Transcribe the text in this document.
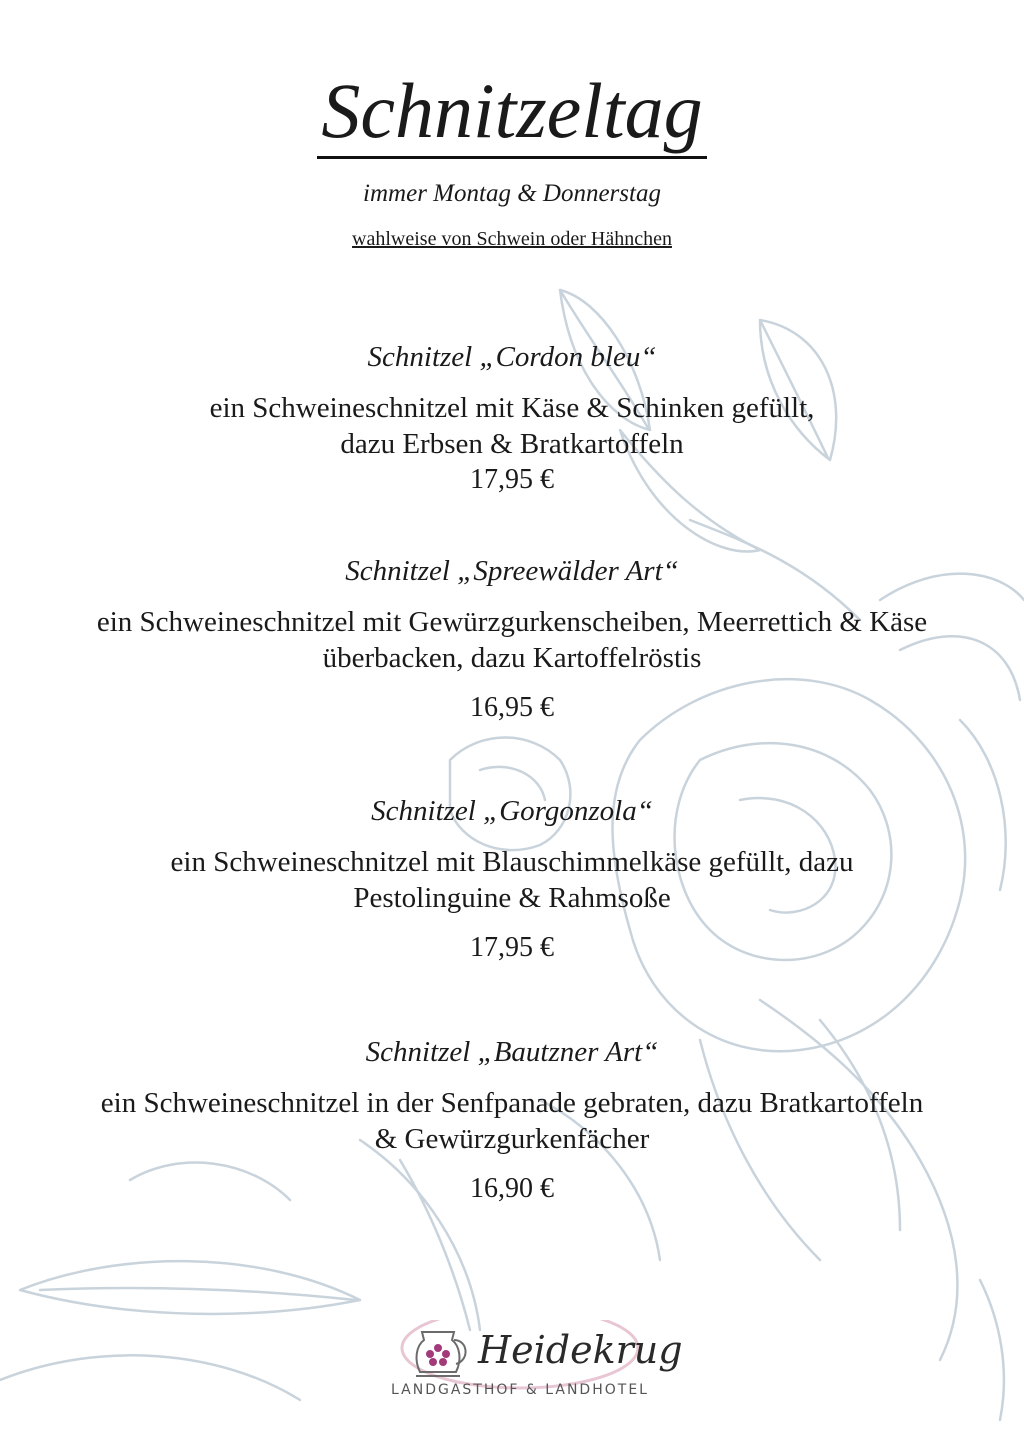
Schnitzeltag
immer Montag & Donnerstag
wahlweise von Schwein oder Hähnchen
Schnitzel „Cordon bleu“
ein Schweineschnitzel mit Käse & Schinken gefüllt,
dazu Erbsen & Bratkartoffeln
17,95 €
Schnitzel „Spreewälder Art“
ein Schweineschnitzel mit Gewürzgurkenscheiben, Meerrettich & Käse
überbacken, dazu Kartoffelröstis
16,95 €
Schnitzel „Gorgonzola“
ein Schweineschnitzel mit Blauschimmelkäse gefüllt, dazu
Pestolinguine & Rahmsoße
17,95 €
Schnitzel „Bautzner Art“
ein Schweineschnitzel in der Senfpanade gebraten, dazu Bratkartoffeln
& Gewürzgurkenfächer
16,90 €
Heidekrug
LANDGASTHOF & LANDHOTEL
